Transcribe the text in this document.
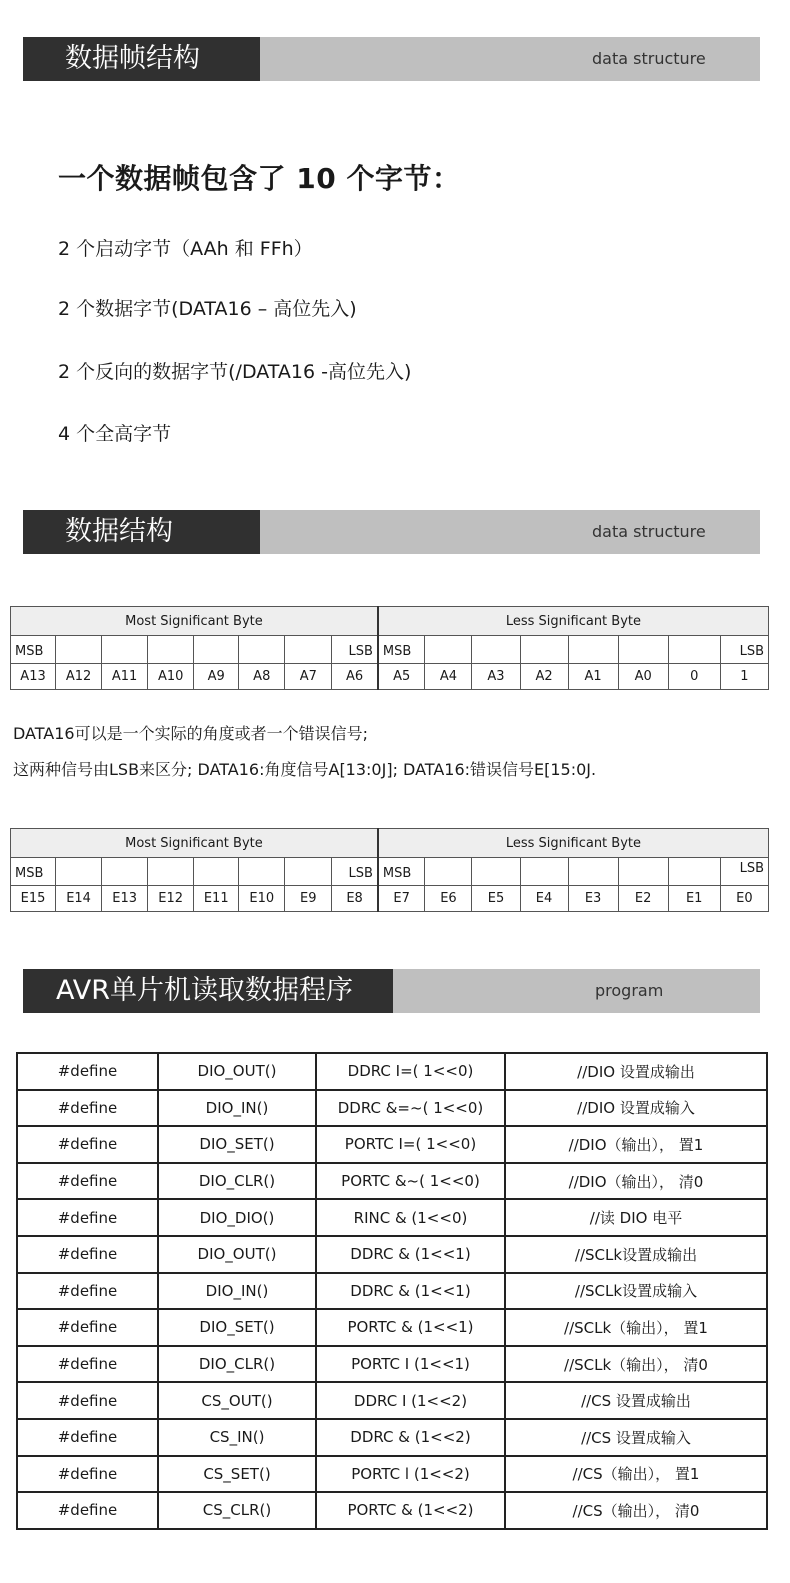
数据帧结构	data structure
一个数据帧包含了 10 个字节：
2 个启动字节（AAh 和 FFh）
2 个数据字节(DATA16 – 高位先入)
2 个反向的数据字节(/DATA16 -高位先入)
4 个全高字节
数据结构	data structure
Most Significant Byte								Less Significant Byte							
MSB							LSB	MSB							LSB
A13	A12	A11	A10	A9	A8	A7	A6	A5	A4	A3	A2	A1	A0	0	1
DATA16可以是一个实际的角度或者一个错误信号;
这两种信号由LSB来区分; DATA16:角度信号A[13:0J]; DATA16:错误信号E[15:0J.
Most Significant Byte								Less Significant Byte							
MSB							LSB	MSB							LSB
E15	E14	E13	E12	E11	E10	E9	E8	E7	E6	E5	E4	E3	E2	E1	E0
AVR单片机读取数据程序	program
#define	DIO_OUT()	DDRC I=( 1<<0)	//DIO 设置成输出
#define	DIO_IN()	DDRC &=~( 1<<0)	//DIO 设置成输入
#define	DIO_SET()	PORTC I=( 1<<0)	//DIO（输出）， 置1
#define	DIO_CLR()	PORTC &~( 1<<0)	//DIO（输出）， 清0
#define	DIO_DIO()	RINC & (1<<0)	//读 DIO 电平
#define	DIO_OUT()	DDRC & (1<<1)	//SCLk设置成输出
#define	DIO_IN()	DDRC & (1<<1)	//SCLk设置成输入
#define	DIO_SET()	PORTC & (1<<1)	//SCLk（输出）， 置1
#define	DIO_CLR()	PORTC I (1<<1)	//SCLk（输出）， 清0
#define	CS_OUT()	DDRC I (1<<2)	//CS 设置成输出
#define	CS_IN()	DDRC & (1<<2)	//CS 设置成输入
#define	CS_SET()	PORTC l (1<<2)	//CS（输出）， 置1
#define	CS_CLR()	PORTC & (1<<2)	//CS（输出）， 清0
